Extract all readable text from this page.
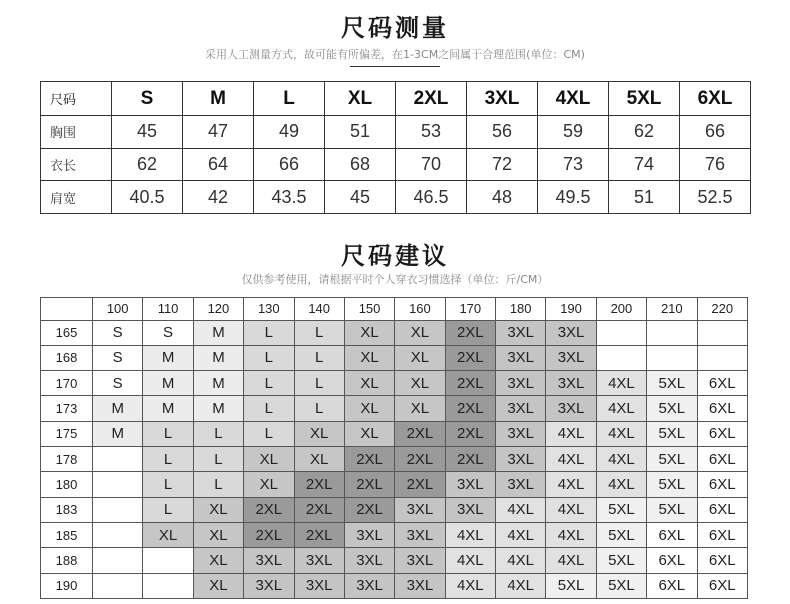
尺码测量
采用人工测量方式，故可能有所偏差，在1-3CM之间属于合理范围(单位：CM)
尺码	S	M	L	XL	2XL	3XL	4XL	5XL	6XL
胸围	45	47	49	51	53	56	59	62	66
衣长	62	64	66	68	70	72	73	74	76
肩宽	40.5	42	43.5	45	46.5	48	49.5	51	52.5
尺码建议
仅供参考使用，请根据平时个人穿衣习惯选择（单位：斤/CM）
	100	110	120	130	140	150	160	170	180	190	200	210	220
165	S	S	M	L	L	XL	XL	2XL	3XL	3XL			
168	S	M	M	L	L	XL	XL	2XL	3XL	3XL			
170	S	M	M	L	L	XL	XL	2XL	3XL	3XL	4XL	5XL	6XL
173	M	M	M	L	L	XL	XL	2XL	3XL	3XL	4XL	5XL	6XL
175	M	L	L	L	XL	XL	2XL	2XL	3XL	4XL	4XL	5XL	6XL
178		L	L	XL	XL	2XL	2XL	2XL	3XL	4XL	4XL	5XL	6XL
180		L	L	XL	2XL	2XL	2XL	3XL	3XL	4XL	4XL	5XL	6XL
183		L	XL	2XL	2XL	2XL	3XL	3XL	4XL	4XL	5XL	5XL	6XL
185		XL	XL	2XL	2XL	3XL	3XL	4XL	4XL	4XL	5XL	6XL	6XL
188			XL	3XL	3XL	3XL	3XL	4XL	4XL	4XL	5XL	6XL	6XL
190			XL	3XL	3XL	3XL	3XL	4XL	4XL	5XL	5XL	6XL	6XL
